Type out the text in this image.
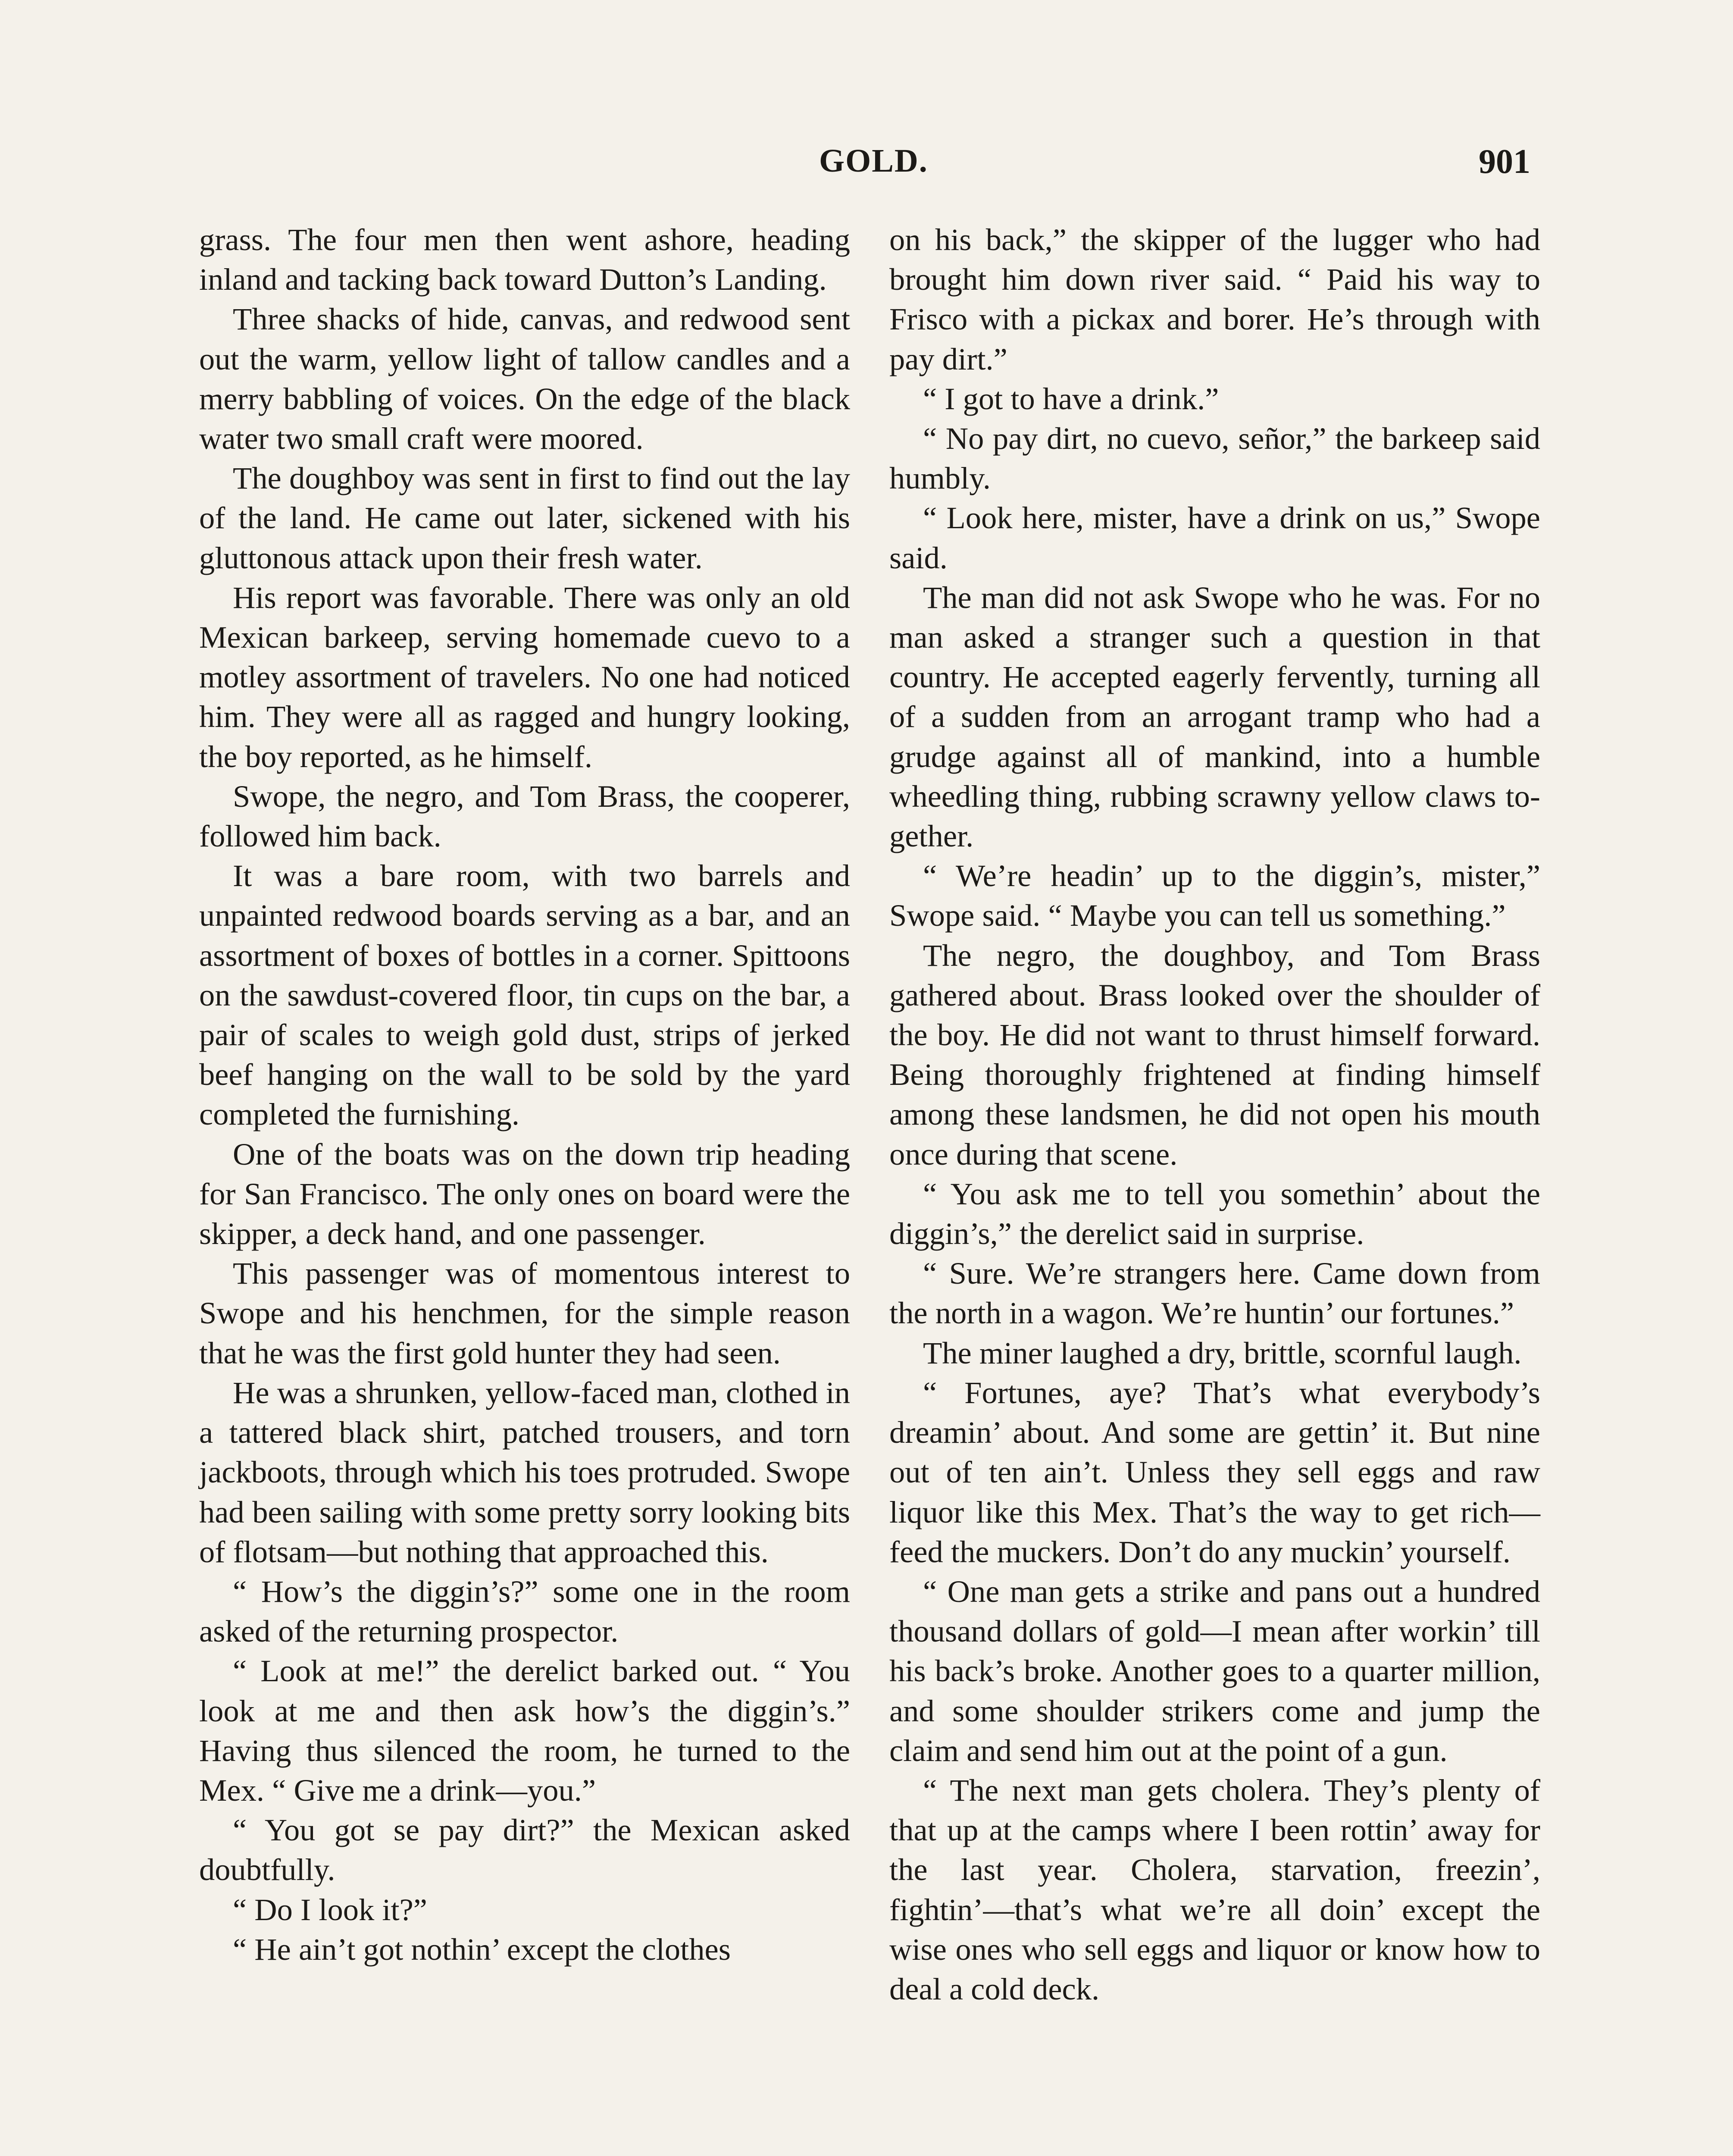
GOLD.	901

grass. The four men then went ashore, heading inland and tacking back toward Dutton’s Landing.

Three shacks of hide, canvas, and redwood sent out the warm, yellow light of tallow candles and a merry babbling of voices. On the edge of the black water two small craft were moored.

The doughboy was sent in first to find out the lay of the land. He came out later, sickened with his gluttonous attack upon their fresh water.

His report was favorable. There was only an old Mexican barkeep, serving homemade cuevo to a motley assortment of travelers. No one had noticed him. They were all as ragged and hungry looking, the boy reported, as he himself.

Swope, the negro, and Tom Brass, the cooperer, followed him back.

It was a bare room, with two barrels and unpainted redwood boards serving as a bar, and an assortment of boxes of bottles in a corner. Spittoons on the sawdust-covered floor, tin cups on the bar, a pair of scales to weigh gold dust, strips of jerked beef hanging on the wall to be sold by the yard completed the furnishing.

One of the boats was on the down trip heading for San Francisco. The only ones on board were the skipper, a deck hand, and one passenger.

This passenger was of momentous interest to Swope and his henchmen, for the simple reason that he was the first gold hunter they had seen.

He was a shrunken, yellow-faced man, clothed in a tattered black shirt, patched trousers, and torn jackboots, through which his toes protruded. Swope had been sailing with some pretty sorry looking bits of flotsam—but nothing that approached this.

“ How’s the diggin’s?” some one in the room asked of the returning prospector.

“ Look at me!” the derelict barked out. “ You look at me and then ask how’s the diggin’s.” Having thus silenced the room, he turned to the Mex. “ Give me a drink—you.”

“ You got se pay dirt?” the Mexican asked doubtfully.

“ Do I look it?”

“ He ain’t got nothin’ except the clothes

on his back,” the skipper of the lugger who had brought him down river said. “ Paid his way to Frisco with a pickax and borer. He’s through with pay dirt.”

“ I got to have a drink.”

“ No pay dirt, no cuevo, señor,” the barkeep said humbly.

“ Look here, mister, have a drink on us,” Swope said.

The man did not ask Swope who he was. For no man asked a stranger such a question in that country. He accepted eagerly fervently, turning all of a sudden from an arrogant tramp who had a grudge against all of mankind, into a humble wheedling thing, rubbing scrawny yellow claws together.

“ We’re headin’ up to the diggin’s, mister,” Swope said. “ Maybe you can tell us something.”

The negro, the doughboy, and Tom Brass gathered about. Brass looked over the shoulder of the boy. He did not want to thrust himself forward. Being thoroughly frightened at finding himself among these landsmen, he did not open his mouth once during that scene.

“ You ask me to tell you somethin’ about the diggin’s,” the derelict said in surprise.

“ Sure. We’re strangers here. Came down from the north in a wagon. We’re huntin’ our fortunes.”

The miner laughed a dry, brittle, scornful laugh.

“ Fortunes, aye? That’s what everybody’s dreamin’ about. And some are gettin’ it. But nine out of ten ain’t. Unless they sell eggs and raw liquor like this Mex. That’s the way to get rich—feed the muckers. Don’t do any muckin’ yourself.

“ One man gets a strike and pans out a hundred thousand dollars of gold—I mean after workin’ till his back’s broke. Another goes to a quarter million, and some shoulder strikers come and jump the claim and send him out at the point of a gun.

“ The next man gets cholera. They’s plenty of that up at the camps where I been rottin’ away for the last year. Cholera, starvation, freezin’, fightin’—that’s what we’re all doin’ except the wise ones who sell eggs and liquor or know how to deal a cold deck.
